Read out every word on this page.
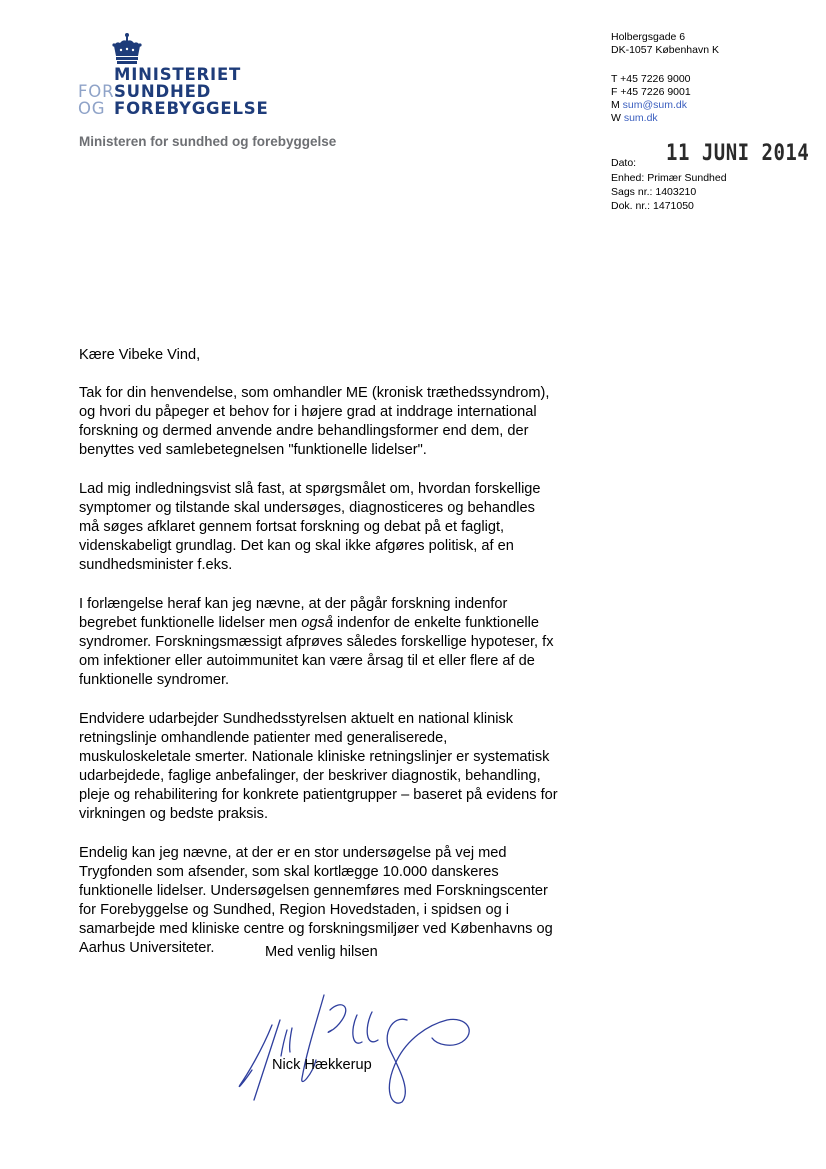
MINISTERIET
FORSUNDHED
OG FOREBYGGELSE
Ministeren for sundhed og forebyggelse
Holbergsgade 6
DK-1057 København K
T +45 7226 9000
F +45 7226 9001
M sum@sum.dk
W sum.dk
Dato: 11 JUNI 2014
Enhed: Primær Sundhed
Sags nr.: 1403210
Dok. nr.: 1471050

Kære Vibeke Vind,

Tak for din henvendelse, som omhandler ME (kronisk træthedssyndrom), og hvori du påpeger et behov for i højere grad at inddrage international forskning og dermed anvende andre behandlingsformer end dem, der benyttes ved samlebetegnelsen "funktionelle lidelser".

Lad mig indledningsvist slå fast, at spørgsmålet om, hvordan forskellige symptomer og tilstande skal undersøges, diagnosticeres og behandles må søges afklaret gennem fortsat forskning og debat på et fagligt, videnskabeligt grundlag. Det kan og skal ikke afgøres politisk, af en sundhedsminister f.eks.

I forlængelse heraf kan jeg nævne, at der pågår forskning indenfor begrebet funktionelle lidelser men også indenfor de enkelte funktionelle syndromer. Forskningsmæssigt afprøves således forskellige hypoteser, fx om infektioner eller autoimmunitet kan være årsag til et eller flere af de funktionelle syndromer.

Endvidere udarbejder Sundhedsstyrelsen aktuelt en national klinisk retningslinje omhandlende patienter med generaliserede, muskuloskeletale smerter. Nationale kliniske retningslinjer er systematisk udarbejdede, faglige anbefalinger, der beskriver diagnostik, behandling, pleje og rehabilitering for konkrete patientgrupper – baseret på evidens for virkningen og bedste praksis.

Endelig kan jeg nævne, at der er en stor undersøgelse på vej med Trygfonden som afsender, som skal kortlægge 10.000 danskeres funktionelle lidelser. Undersøgelsen gennemføres med Forskningscenter for Forebyggelse og Sundhed, Region Hovedstaden, i spidsen og i samarbejde med kliniske centre og forskningsmiljøer ved Københavns og Aarhus Universiteter.	Med venlig hilsen
Nick Hækkerup
